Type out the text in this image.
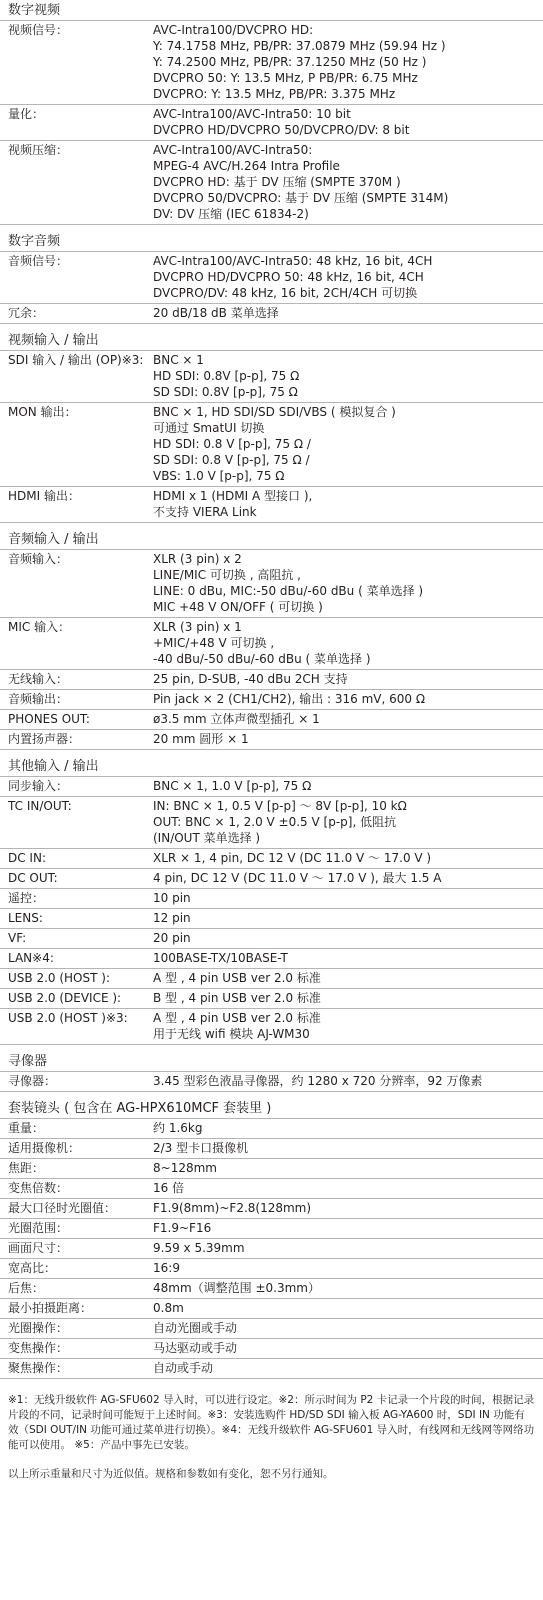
数字视频
视频信号：	AVC-Intra100/DVCPRO HD:
Y: 74.1758 MHz, PB/PR: 37.0879 MHz (59.94 Hz )
Y: 74.2500 MHz, PB/PR: 37.1250 MHz (50 Hz )
DVCPRO 50: Y: 13.5 MHz, P PB/PR: 6.75 MHz
DVCPRO: Y: 13.5 MHz, PB/PR: 3.375 MHz
量化：	AVC-Intra100/AVC-Intra50: 10 bit
DVCPRO HD/DVCPRO 50/DVCPRO/DV: 8 bit
视频压缩：	AVC-Intra100/AVC-Intra50:
MPEG-4 AVC/H.264 Intra Profile
DVCPRO HD: 基于 DV 压缩 (SMPTE 370M )
DVCPRO 50/DVCPRO: 基于 DV 压缩 (SMPTE 314M)
DV: DV 压缩 (IEC 61834-2)
数字音频
音频信号：	AVC-Intra100/AVC-Intra50: 48 kHz, 16 bit, 4CH
DVCPRO HD/DVCPRO 50: 48 kHz, 16 bit, 4CH
DVCPRO/DV: 48 kHz, 16 bit, 2CH/4CH 可切换
冗余：	20 dB/18 dB 菜单选择
视频输入 / 输出
SDI 输入 / 输出 (OP)※3: BNC × 1
HD SDI: 0.8V [p-p], 75 Ω
SD SDI: 0.8V [p-p], 75 Ω
MON 输出：	BNC × 1, HD SDI/SD SDI/VBS ( 模拟复合 )
可通过 SmatUI 切换
HD SDI: 0.8 V [p-p], 75 Ω /
SD SDI: 0.8 V [p-p], 75 Ω /
VBS: 1.0 V [p-p], 75 Ω
HDMI 输出：	HDMI x 1 (HDMI A 型接口 ),
不支持 VIERA Link
音频输入 / 输出
音频输入：	XLR (3 pin) x 2
LINE/MIC 可切换 , 高阻抗 ,
LINE: 0 dBu, MIC:-50 dBu/-60 dBu ( 菜单选择 )
MIC +48 V ON/OFF ( 可切换 )
MIC 输入：	XLR (3 pin) x 1
+MIC/+48 V 可切换 ,
-40 dBu/-50 dBu/-60 dBu ( 菜单选择 )
无线输入：	25 pin, D-SUB, -40 dBu 2CH 支持
音频输出：	Pin jack × 2 (CH1/CH2), 输出 : 316 mV, 600 Ω
PHONES OUT:	ø3.5 mm 立体声微型插孔 × 1
内置扬声器：	20 mm 圆形 × 1
其他输入 / 输出
同步输入：	BNC × 1, 1.0 V [p-p], 75 Ω
TC IN/OUT:	IN: BNC × 1, 0.5 V [p-p] ～ 8V [p-p], 10 kΩ
OUT: BNC × 1, 2.0 V ±0.5 V [p-p], 低阻抗
(IN/OUT 菜单选择 )
DC IN:	XLR × 1, 4 pin, DC 12 V (DC 11.0 V ～ 17.0 V )
DC OUT:	4 pin, DC 12 V (DC 11.0 V ～ 17.0 V ), 最大 1.5 A
遥控：	10 pin
LENS:	12 pin
VF:	20 pin
LAN※4:	100BASE-TX/10BASE-T
USB 2.0 (HOST ):	A 型 , 4 pin USB ver 2.0 标准
USB 2.0 (DEVICE ):	B 型 , 4 pin USB ver 2.0 标准
USB 2.0 (HOST )※3:	A 型 , 4 pin USB ver 2.0 标准
用于无线 wifi 模块 AJ-WM30
寻像器
寻像器：	3.45 型彩色液晶寻像器，约 1280 x 720 分辨率，92 万像素
套装镜头 ( 包含在 AG-HPX610MCF 套装里 )
重量：	约 1.6kg
适用摄像机：	2/3 型卡口摄像机
焦距：	8~128mm
变焦倍数：	16 倍
最大口径时光圈值：	F1.9(8mm)~F2.8(128mm)
光圈范围：	F1.9~F16
画面尺寸：	9.59 x 5.39mm
宽高比：	16:9
后焦：	48mm（调整范围 ±0.3mm）
最小拍摄距离：	0.8m
光圈操作：	自动光圈或手动
变焦操作：	马达驱动或手动
聚焦操作：	自动或手动
※1：无线升级软件 AG-SFU602 导入时，可以进行设定。※2：所示时间为 P2 卡记录一个片段的时间，根据记录片段的不同，记录时间可能短于上述时间。※3：安装选购件 HD/SD SDI 输入板 AG-YA600 时，SDI IN 功能有效（SDI OUT/IN 功能可通过菜单进行切换）。※4：无线升级软件 AG-SFU601 导入时，有线网和无线网等网络功能可以使用。 ※5：产品中事先已安装。
以上所示重量和尺寸为近似值。规格和参数如有变化，恕不另行通知。
